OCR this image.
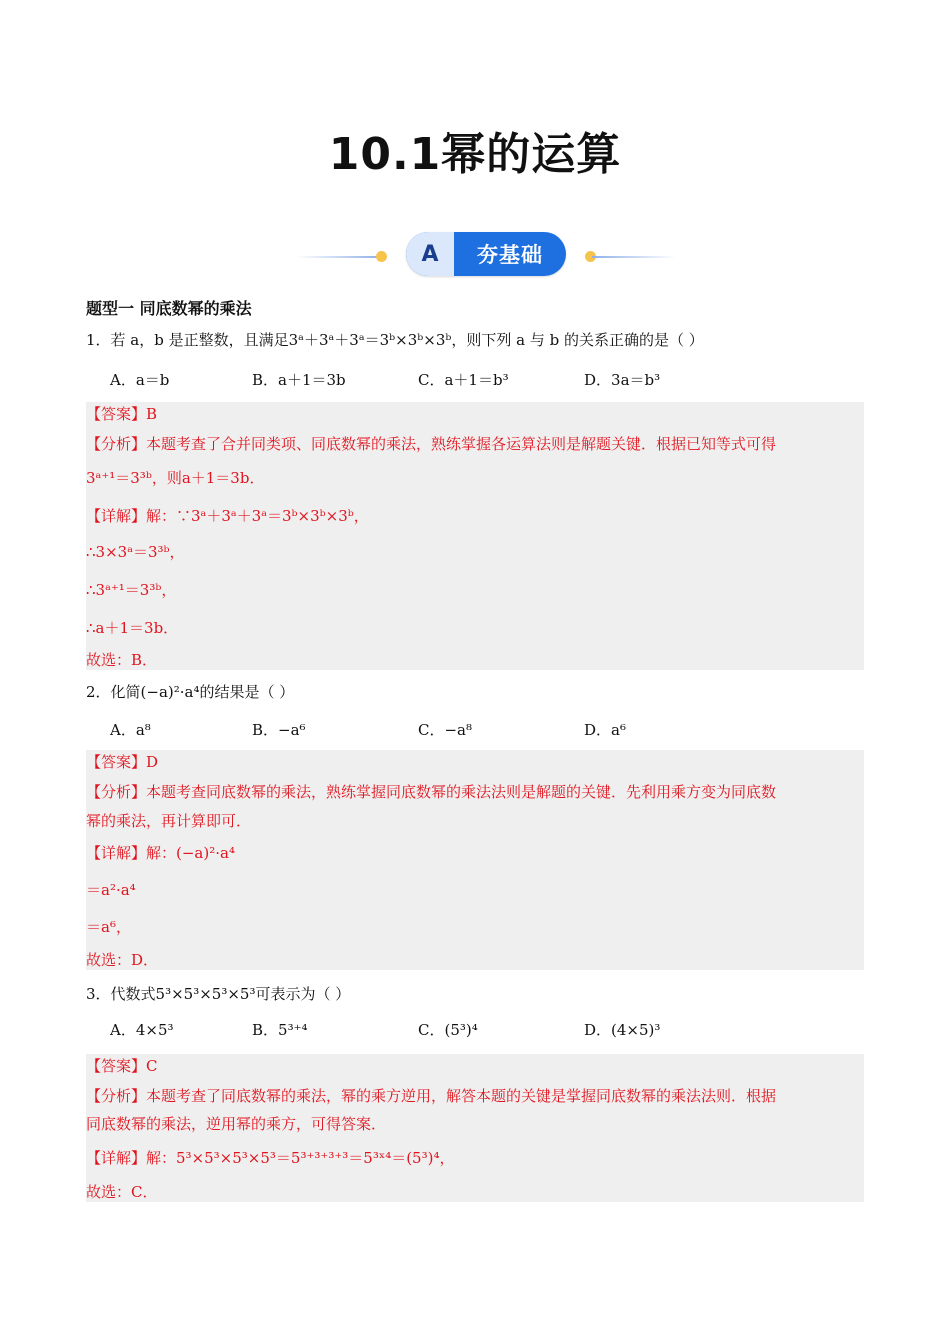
10.1幂的运算
A	夯基础
题型一 同底数幂的乘法
1．若 a，b 是正整数，且满足3ᵃ＋3ᵃ＋3ᵃ＝3ᵇ×3ᵇ×3ᵇ，则下列 a 与 b 的关系正确的是（ ）
A．a＝b	B．a＋1＝3b	C．a＋1＝b³	D．3a＝b³
【答案】B
【分析】本题考查了合并同类项、同底数幂的乘法，熟练掌握各运算法则是解题关键．根据已知等式可得
3ᵃ⁺¹＝3³ᵇ，则a＋1＝3b．
【详解】解：∵3ᵃ＋3ᵃ＋3ᵃ＝3ᵇ×3ᵇ×3ᵇ，
∴3×3ᵃ＝3³ᵇ，
∴3ᵃ⁺¹＝3³ᵇ，
∴a＋1＝3b．
故选：B．
2．化简(−a)²·a⁴的结果是（ ）
A．a⁸	B．−a⁶	C．−a⁸	D．a⁶
【答案】D
【分析】本题考查同底数幂的乘法，熟练掌握同底数幂的乘法法则是解题的关键．先利用乘方变为同底数
幂的乘法，再计算即可．
【详解】解：(−a)²·a⁴
＝a²·a⁴
＝a⁶，
故选：D．
3．代数式5³×5³×5³×5³可表示为（ ）
A．4×5³	B．5³⁺⁴	C．(5³)⁴	D．(4×5)³
【答案】C
【分析】本题考查了同底数幂的乘法，幂的乘方逆用，解答本题的关键是掌握同底数幂的乘法法则．根据
同底数幂的乘法，逆用幂的乘方，可得答案．
【详解】解：5³×5³×5³×5³＝5³⁺³⁺³⁺³＝5³ˣ⁴＝(5³)⁴，
故选：C．
